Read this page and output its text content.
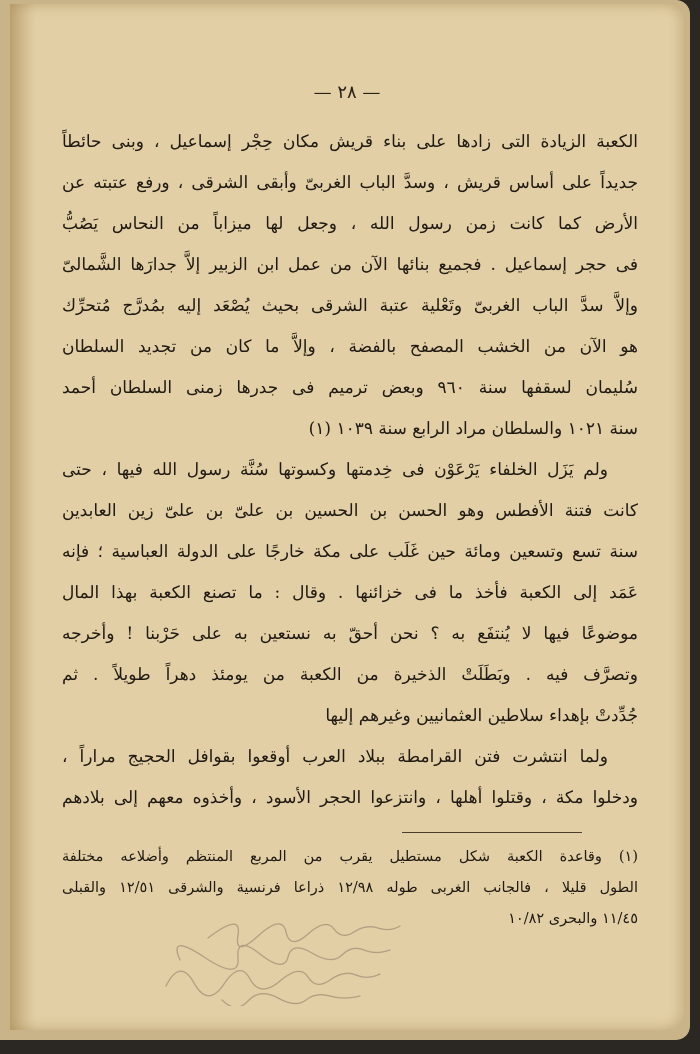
— ٢٨ —
الكعبة الزيادة التى زادها على بناء قريش مكان حِجْر إسماعيل ، وبنى حائطاً
جديداً على أساس قريش ، وسدَّ الباب الغربىّ وأبقى الشرقى ، ورفع عتبته عن
الأرض كما كانت زمن رسول الله ، وجعل لها ميزاباً من النحاس يَصُبُّ
فى حجر إسماعيل . فجميع بنائها الآن من عمل ابن الزبير إلاَّ جدارَها الشَّمالىّ
وإلاَّ سدَّ الباب الغربىّ وتَعْلية عتبة الشرقى بحيث يُصْعَد إليه بمُدرَّج مُتحرِّك
هو الآن من الخشب المصفح بالفضة ، وإلاَّ ما كان من تجديد السلطان
سُليمان لسقفها سنة ٩٦٠ وبعض ترميم فى جدرها زمنى السلطان أحمد
سنة ١٠٢١ والسلطان مراد الرابع سنة ١٠٣٩ (١)
ولم يَزَل الخلفاء يَرْعَوْن فى خِدمتها وكسوتها سُنَّة رسول الله فيها ، حتى
كانت فتنة الأفطس وهو الحسن بن الحسين بن علىّ بن علىّ زين العابدين
سنة تسع وتسعين ومائة حين غَلَب على مكة خارجًا على الدولة العباسية ؛ فإنه
عَمَد إلى الكعبة فأخذ ما فى خزائنها . وقال : ما تصنع الكعبة بهذا المال
موضوعًا فيها لا يُنتفَع به ؟ نحن أحقّ به نستعين به على حَرْبنا ! وأخرجه
وتصرَّف فيه . وبَطَلَتْ الذخيرة من الكعبة من يومئذ دهراً طويلاً . ثم
جُدِّدتْ بإهداء سلاطين العثمانيين وغيرهم إليها
ولما انتشرت فتن القرامطة ببلاد العرب أوقعوا بقوافل الحجيج مراراً ،
ودخلوا مكة ، وقتلوا أهلها ، وانتزعوا الحجر الأسود ، وأخذوه معهم إلى بلادهم
(١) وقاعدة الكعبة شكل مستطيل يقرب من المربع المنتظم وأضلاعه مختلفة
الطول قليلا ، فالجانب الغربى طوله ١٢/٩٨ ذراعا فرنسية والشرقى ١٢/٥١ والقبلى
١١/٤٥ والبحرى ١٠/٨٢
